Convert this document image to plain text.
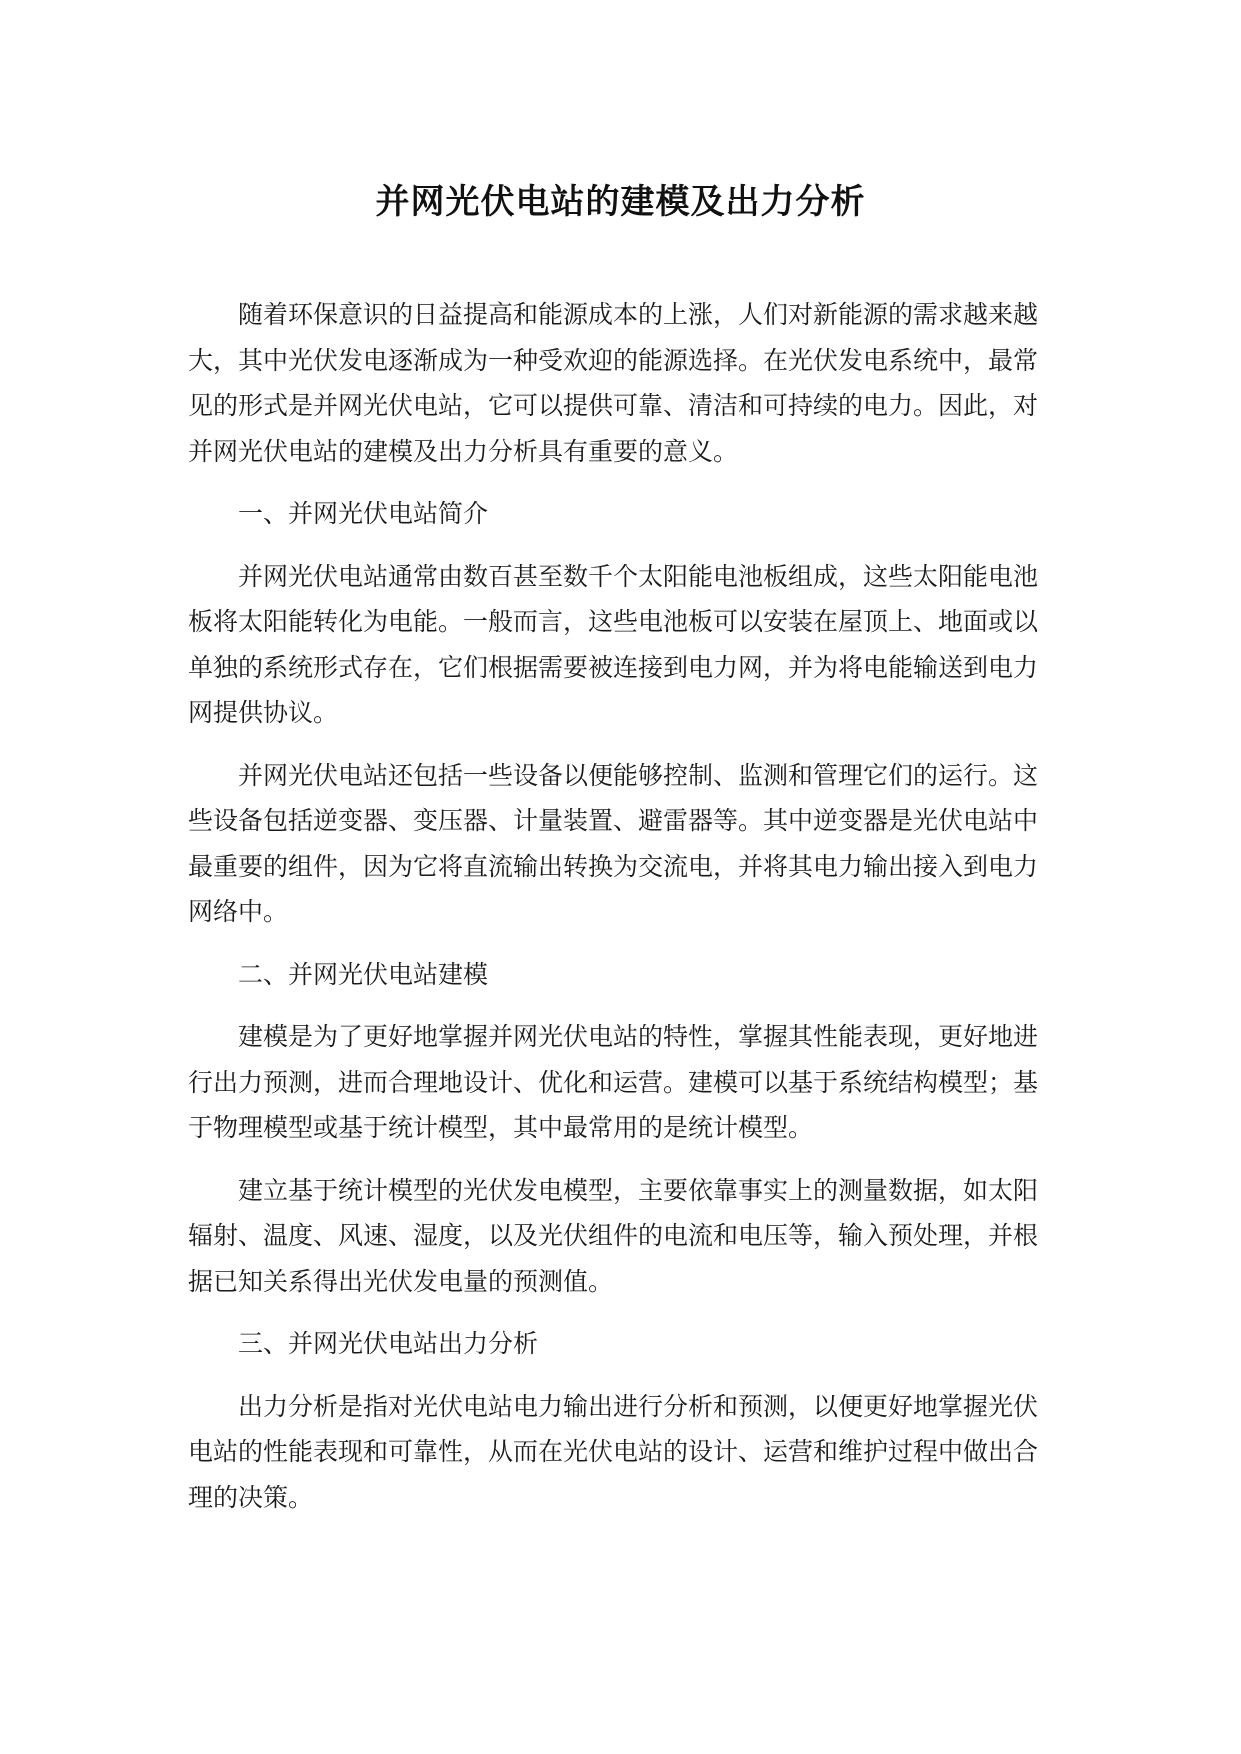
并网光伏电站的建模及出力分析

随着环保意识的日益提高和能源成本的上涨，人们对新能源的需求越来越大，其中光伏发电逐渐成为一种受欢迎的能源选择。在光伏发电系统中，最常见的形式是并网光伏电站，它可以提供可靠、清洁和可持续的电力。因此，对并网光伏电站的建模及出力分析具有重要的意义。

一、并网光伏电站简介

并网光伏电站通常由数百甚至数千个太阳能电池板组成，这些太阳能电池板将太阳能转化为电能。一般而言，这些电池板可以安装在屋顶上、地面或以单独的系统形式存在，它们根据需要被连接到电力网，并为将电能输送到电力网提供协议。

并网光伏电站还包括一些设备以便能够控制、监测和管理它们的运行。这些设备包括逆变器、变压器、计量装置、避雷器等。其中逆变器是光伏电站中最重要的组件，因为它将直流输出转换为交流电，并将其电力输出接入到电力网络中。

二、并网光伏电站建模

建模是为了更好地掌握并网光伏电站的特性，掌握其性能表现，更好地进行出力预测，进而合理地设计、优化和运营。建模可以基于系统结构模型；基于物理模型或基于统计模型，其中最常用的是统计模型。

建立基于统计模型的光伏发电模型，主要依靠事实上的测量数据，如太阳辐射、温度、风速、湿度，以及光伏组件的电流和电压等，输入预处理，并根据已知关系得出光伏发电量的预测值。

三、并网光伏电站出力分析

出力分析是指对光伏电站电力输出进行分析和预测，以便更好地掌握光伏电站的性能表现和可靠性，从而在光伏电站的设计、运营和维护过程中做出合理的决策。
